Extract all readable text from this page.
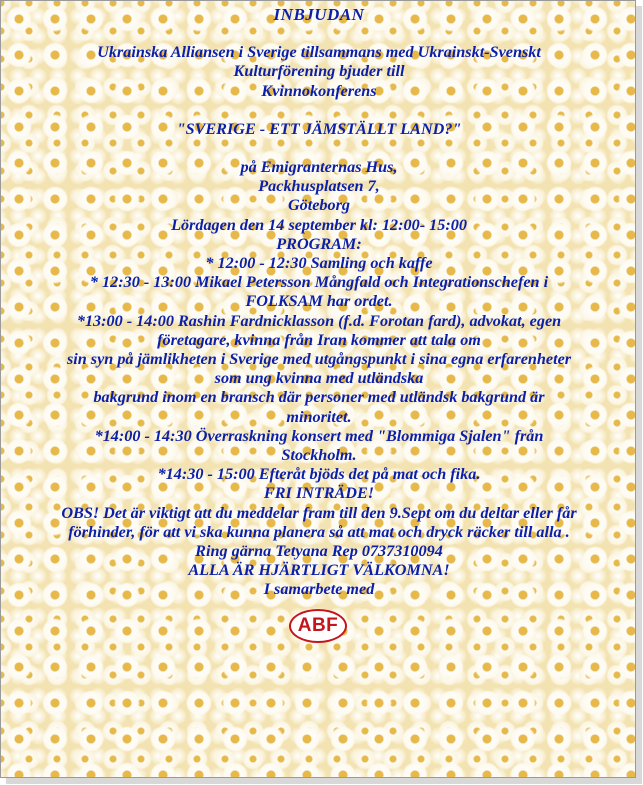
INBJUDAN
Ukrainska Alliansen i Sverige tillsammans med Ukrainskt-Svenskt
Kulturförening bjuder till
Kvinnokonferens
"SVERIGE - ETT JÄMSTÄLLT LAND?"
på Emigranternas Hus,
Packhusplatsen 7,
Göteborg
Lördagen den 14 september kl: 12:00- 15:00
PROGRAM:
* 12:00 - 12:30 Samling och kaffe
* 12:30 - 13:00 Mikael Petersson Mångfald och Integrationschefen i
FOLKSAM har ordet.
*13:00 - 14:00 Rashin Fardnicklasson (f.d. Forotan fard), advokat, egen
företagare, kvinna från Iran kommer att tala om
sin syn på jämlikheten i Sverige med utgångspunkt i sina egna erfarenheter
som ung kvinna med utländska
bakgrund inom en bransch där personer med utländsk bakgrund är
minoritet.
*14:00 - 14:30 Överraskning konsert med "Blommiga Sjalen" från
Stockholm.
*14:30 - 15:00 Efteråt bjöds det på mat och fika.
FRI INTRÄDE!
OBS! Det är viktigt att du meddelar fram till den 9.Sept om du deltar eller får
förhinder, för att vi ska kunna planera så att mat och dryck räcker till alla .
Ring gärna Tetyana Rep 0737310094
ALLA ÄR HJÄRTLIGT VÄLKOMNA!
I samarbete med
ABF
